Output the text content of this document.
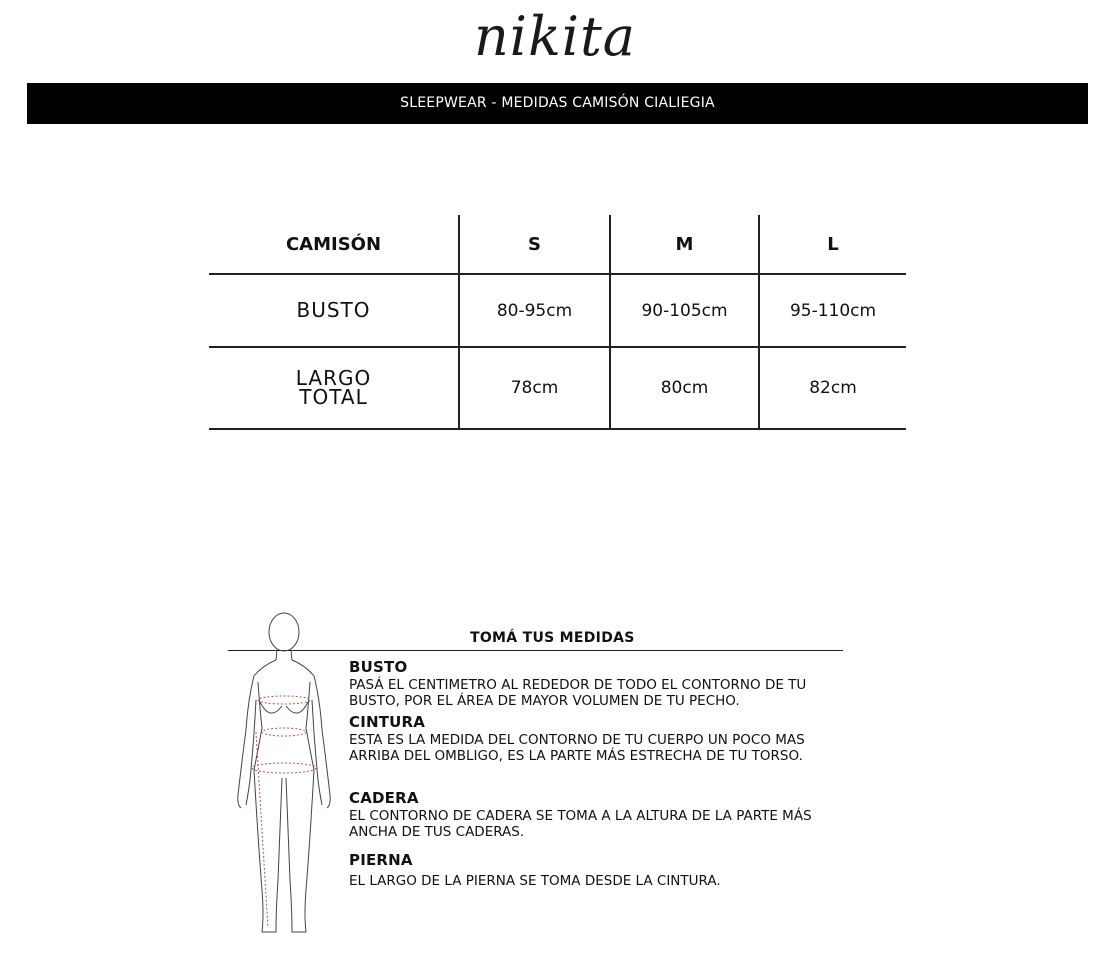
nikita
SLEEPWEAR - MEDIDAS CAMISÓN CIALIEGIA
CAMISÓN	S	M	L

BUSTO	80-95cm	90-105cm	95-110cm

LARGO
TOTAL	78cm	80cm	82cm
TOMÁ TUS MEDIDAS
BUSTO
PASÁ EL CENTIMETRO AL REDEDOR DE TODO EL CONTORNO DE TU BUSTO, POR EL ÁREA DE MAYOR VOLUMEN DE TU PECHO.
CINTURA
ESTA ES LA MEDIDA DEL CONTORNO DE TU CUERPO UN POCO MAS ARRIBA DEL OMBLIGO, ES LA PARTE MÁS ESTRECHA DE TU TORSO.
CADERA
EL CONTORNO DE CADERA SE TOMA A LA ALTURA DE LA PARTE MÁS ANCHA DE TUS CADERAS.
PIERNA
EL LARGO DE LA PIERNA SE TOMA DESDE LA CINTURA.
